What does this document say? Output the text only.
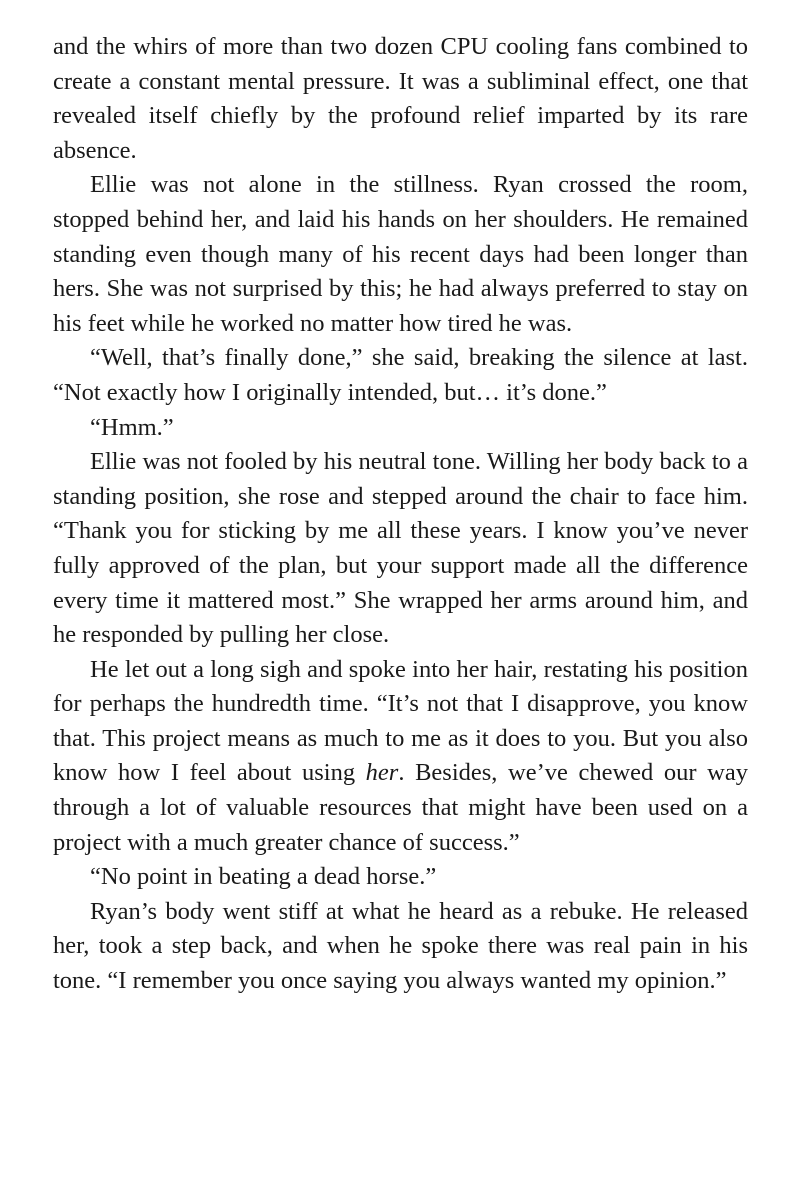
and the whirs of more than two dozen CPU cooling fans combined to create a constant mental pressure. It was a subliminal effect, one that revealed itself chiefly by the profound relief imparted by its rare absence.

Ellie was not alone in the stillness. Ryan crossed the room, stopped behind her, and laid his hands on her shoulders. He remained standing even though many of his recent days had been longer than hers. She was not surprised by this; he had always preferred to stay on his feet while he worked no matter how tired he was.

“Well, that’s finally done,” she said, breaking the silence at last. “Not exactly how I originally intended, but… it’s done.”

“Hmm.”

Ellie was not fooled by his neutral tone. Willing her body back to a standing position, she rose and stepped around the chair to face him. “Thank you for sticking by me all these years. I know you’ve never fully approved of the plan, but your support made all the difference every time it mattered most.” She wrapped her arms around him, and he responded by pulling her close.

He let out a long sigh and spoke into her hair, restating his position for perhaps the hundredth time. “It’s not that I disapprove, you know that. This project means as much to me as it does to you. But you also know how I feel about using her. Besides, we’ve chewed our way through a lot of valuable resources that might have been used on a project with a much greater chance of success.”

“No point in beating a dead horse.”

Ryan’s body went stiff at what he heard as a rebuke. He released her, took a step back, and when he spoke there was real pain in his tone. “I remember you once saying you always wanted my opinion.”
